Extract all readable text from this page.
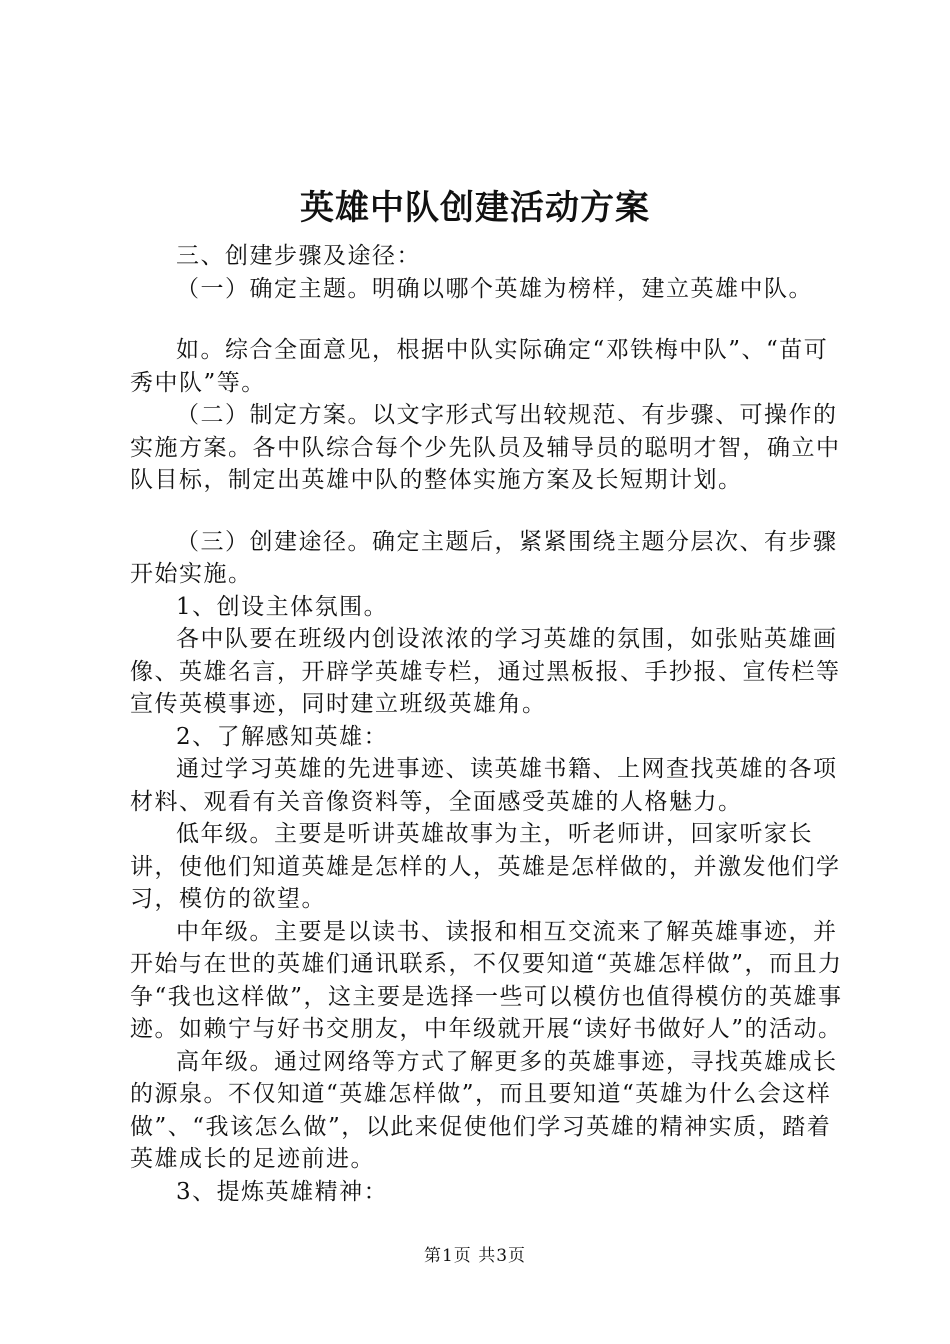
英雄中队创建活动方案

三、创建步骤及途径：

（一）确定主题。明确以哪个英雄为榜样，建立英雄中队。

如。综合全面意见，根据中队实际确定“邓铁梅中队”、“苗可秀中队”等。

（二）制定方案。以文字形式写出较规范、有步骤、可操作的实施方案。各中队综合每个少先队员及辅导员的聪明才智，确立中队目标，制定出英雄中队的整体实施方案及长短期计划。

（三）创建途径。确定主题后，紧紧围绕主题分层次、有步骤开始实施。

1、创设主体氛围。

各中队要在班级内创设浓浓的学习英雄的氛围，如张贴英雄画像、英雄名言，开辟学英雄专栏，通过黑板报、手抄报、宣传栏等宣传英模事迹，同时建立班级英雄角。

2、了解感知英雄：

通过学习英雄的先进事迹、读英雄书籍、上网查找英雄的各项材料、观看有关音像资料等，全面感受英雄的人格魅力。

低年级。主要是听讲英雄故事为主，听老师讲，回家听家长讲，使他们知道英雄是怎样的人，英雄是怎样做的，并激发他们学习，模仿的欲望。

中年级。主要是以读书、读报和相互交流来了解英雄事迹，并开始与在世的英雄们通讯联系，不仅要知道“英雄怎样做”，而且力争“我也这样做”，这主要是选择一些可以模仿也值得模仿的英雄事迹。如赖宁与好书交朋友，中年级就开展“读好书做好人”的活动。

高年级。通过网络等方式了解更多的英雄事迹，寻找英雄成长的源泉。不仅知道“英雄怎样做”，而且要知道“英雄为什么会这样做”、“我该怎么做”，以此来促使他们学习英雄的精神实质，踏着英雄成长的足迹前进。

3、提炼英雄精神：

第1页 共3页
